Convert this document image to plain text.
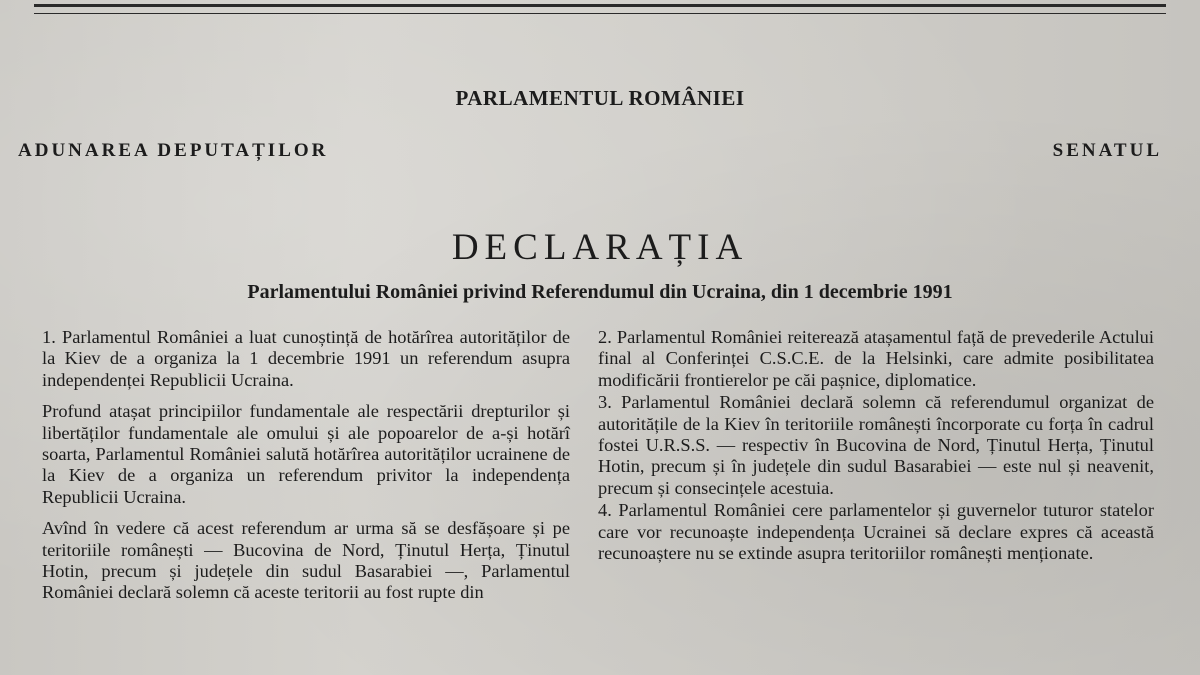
PARLAMENTUL ROMÂNIEI
ADUNAREA DEPUTAȚILOR	SENATUL
DECLARAȚIA
Parlamentului României privind Referendumul din Ucraina, din 1 decembrie 1991

1. Parlamentul României a luat cunoștință de hotărîrea autorităților de la Kiev de a organiza la 1 decembrie 1991 un referendum asupra independenței Republicii Ucraina.

Profund atașat principiilor fundamentale ale respectării drepturilor și libertăților fundamentale ale omului și ale popoarelor de a-și hotărî soarta, Parlamentul României salută hotărîrea autorităților ucrainene de la Kiev de a organiza un referendum privitor la independența Republicii Ucraina.

Avînd în vedere că acest referendum ar urma să se desfășoare și pe teritoriile românești — Bucovina de Nord, Ținutul Herța, Ținutul Hotin, precum și județele din sudul Basarabiei —, Parlamentul României declară solemn că aceste teritorii au fost rupte din

2. Parlamentul României reiterează atașamentul față de prevederile Actului final al Conferinței C.S.C.E. de la Helsinki, care admite posibilitatea modificării frontierelor pe căi pașnice, diplomatice.

3. Parlamentul României declară solemn că referendumul organizat de autoritățile de la Kiev în teritoriile românești încorporate cu forța în cadrul fostei U.R.S.S. — respectiv în Bucovina de Nord, Ținutul Herța, Ținutul Hotin, precum și în județele din sudul Basarabiei — este nul și neavenit, precum și consecințele acestuia.

4. Parlamentul României cere parlamentelor și guvernelor tuturor statelor care vor recunoaște independența Ucrainei să declare expres că această recunoaștere nu se extinde asupra teritoriilor românești menționate.
